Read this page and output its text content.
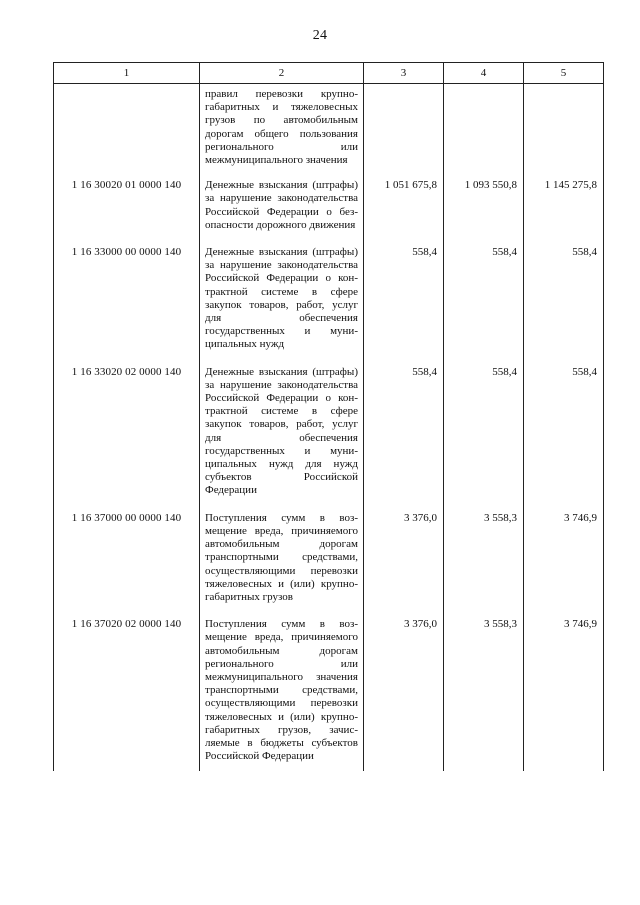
24
1	2	3	4	5
	правил перевозки крупногабаритных и тяжеловесных грузов по автомобильным дорогам общего пользования регионального или межмуниципального значения			
1 16 30020 01 0000 140	Денежные взыскания (штрафы) за нарушение законодательства Российской Федерации о безопасности дорожного движения	1 051 675,8	1 093 550,8	1 145 275,8
1 16 33000 00 0000 140	Денежные взыскания (штрафы) за нарушение законодательства Российской Федерации о контрактной системе в сфере закупок товаров, работ, услуг для обеспечения государственных и муниципальных нужд	558,4	558,4	558,4
1 16 33020 02 0000 140	Денежные взыскания (штрафы) за нарушение законодательства Российской Федерации о контрактной системе в сфере закупок товаров, работ, услуг для обеспечения государственных и муниципальных нужд для нужд субъектов Российской Федерации	558,4	558,4	558,4
1 16 37000 00 0000 140	Поступления сумм в возмещение вреда, причиняемого автомобильным дорогам транспортными средствами, осуществляющими перевозки тяжеловесных и (или) крупногабаритных грузов	3 376,0	3 558,3	3 746,9
1 16 37020 02 0000 140	Поступления сумм в возмещение вреда, причиняемого автомобильным дорогам регионального или межмуниципального значения транспортными средствами, осуществляющими перевозки тяжеловесных и (или) крупногабаритных грузов, зачисляемые в бюджеты субъектов Российской Федерации	3 376,0	3 558,3	3 746,9
